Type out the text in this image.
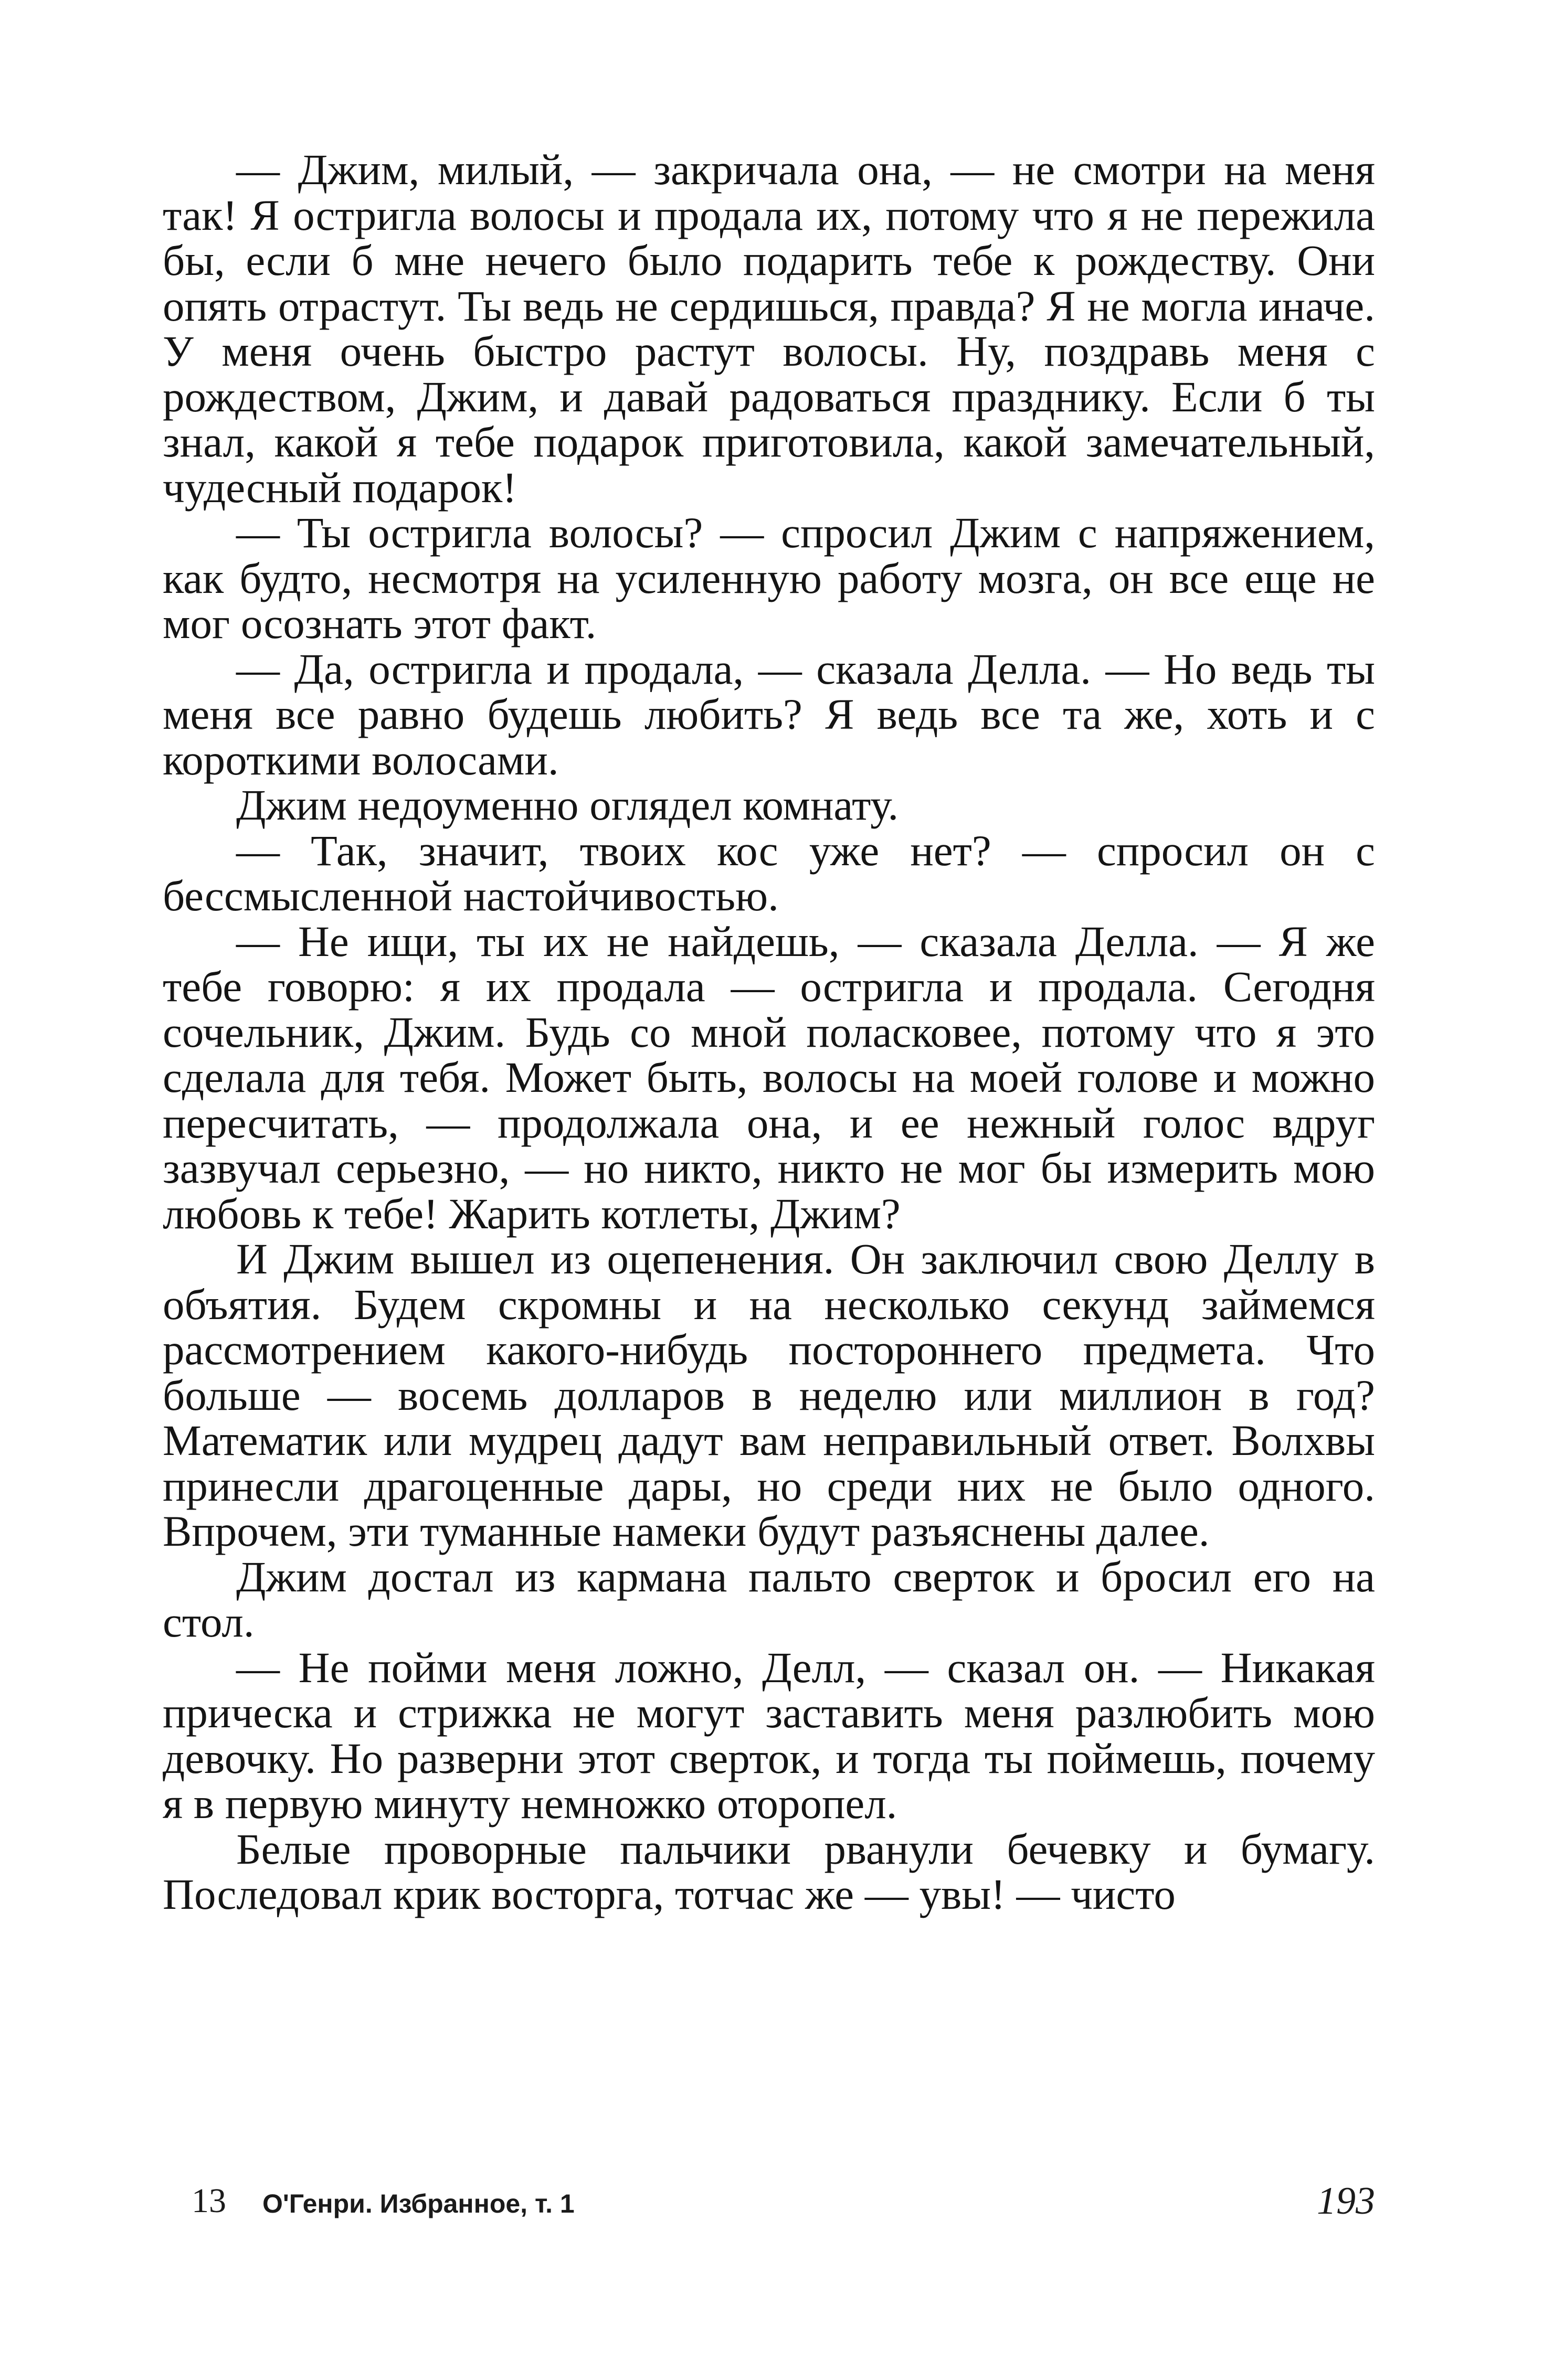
— Джим, милый, — закричала она, — не смотри на меня так! Я остригла волосы и продала их, потому что я не пережила бы, если б мне нечего было подарить тебе к рождеству. Они опять отрастут. Ты ведь не сердишься, правда? Я не могла иначе. У меня очень быстро растут волосы. Ну, поздравь меня с рождеством, Джим, и давай радоваться празднику. Если б ты знал, какой я тебе подарок приготовила, какой замечательный, чудесный подарок!

— Ты остригла волосы? — спросил Джим с напряжением, как будто, несмотря на усиленную работу мозга, он все еще не мог осознать этот факт.

— Да, остригла и продала, — сказала Делла. — Но ведь ты меня все равно будешь любить? Я ведь все та же, хоть и с короткими волосами.

Джим недоуменно оглядел комнату.

— Так, значит, твоих кос уже нет? — спросил он с бессмысленной настойчивостью.

— Не ищи, ты их не найдешь, — сказала Делла. — Я же тебе говорю: я их продала — остригла и продала. Сегодня сочельник, Джим. Будь со мной поласковее, потому что я это сделала для тебя. Может быть, волосы на моей голове и можно пересчитать, — продолжала она, и ее нежный голос вдруг зазвучал серьезно, — но никто, никто не мог бы измерить мою любовь к тебе! Жарить котлеты, Джим?

И Джим вышел из оцепенения. Он заключил свою Деллу в объятия. Будем скромны и на несколько секунд займемся рассмотрением какого-нибудь постороннего предмета. Что больше — восемь долларов в неделю или миллион в год? Математик или мудрец дадут вам неправильный ответ. Волхвы принесли драгоценные дары, но среди них не было одного. Впрочем, эти туманные намеки будут разъяснены далее.

Джим достал из кармана пальто сверток и бросил его на стол.

— Не пойми меня ложно, Делл, — сказал он. — Никакая прическа и стрижка не могут заставить меня разлюбить мою девочку. Но разверни этот сверток, и тогда ты поймешь, почему я в первую минуту немножко оторопел.

Белые проворные пальчики рванули бечевку и бумагу. Последовал крик восторга, тотчас же — увы! — чисто

13 О'Генри. Избранное, т. 1	193
